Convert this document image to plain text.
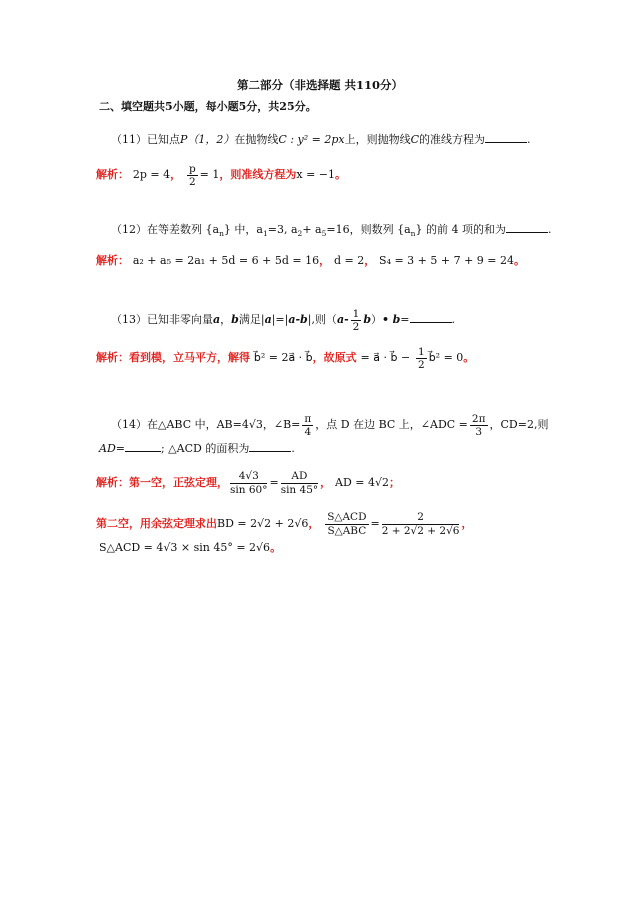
第二部分（非选择题 共110分）
二、填空题共5小题，每小题5分，共25分。
（11）已知点P（1，2）在抛物线C : y² = 2px上，则抛物线C的准线方程为	.
解析： 2p = 4， $\frac{p}{2} = 1$，则准线方程为x = −1。
（12）在等差数列 $\{a_n\}$ 中，$a_1=3$, $a_2+ a_5=16$，则数列 $\{a_n\}$ 的前 4 项的和为	.
解析： a₂ + a₅ = 2a₁ + 5d = 6 + 5d = 16， d = 2， S₄ = 3 + 5 + 7 + 9 = 24。
（13）已知非零向量a，b满足|a|=|a-b|,则（$a- \frac{1}{2}$ b）• b=	.
解析：看到模，立马平方，解得 b⃗² = 2a⃗ · b⃗，故原式 = a⃗ · b⃗ − $\frac{1}{2}$ b⃗² = 0。
（14）在△ABC 中，AB=4√3，∠B= $\frac{\pi}{4}$ ，点 D 在边 BC 上，∠ADC = $\frac{2\pi}{3}$ ，CD=2,则
AD=	; △ACD 的面积为	.
解析：第一空，正弦定理， $\frac{4√3}{\sin 60^\circ} = \frac{AD}{\sin 45^\circ}$ ， AD = 4√2；
第二空，用余弦定理求出BD = 2√2 + 2√6， $\frac{\text{S△ACD}}{\text{S△ABC}} = \frac{2}{2 + 2√2 + 2√6}$ ，
S△ACD = 4√3 × sin 45° = 2√6。
